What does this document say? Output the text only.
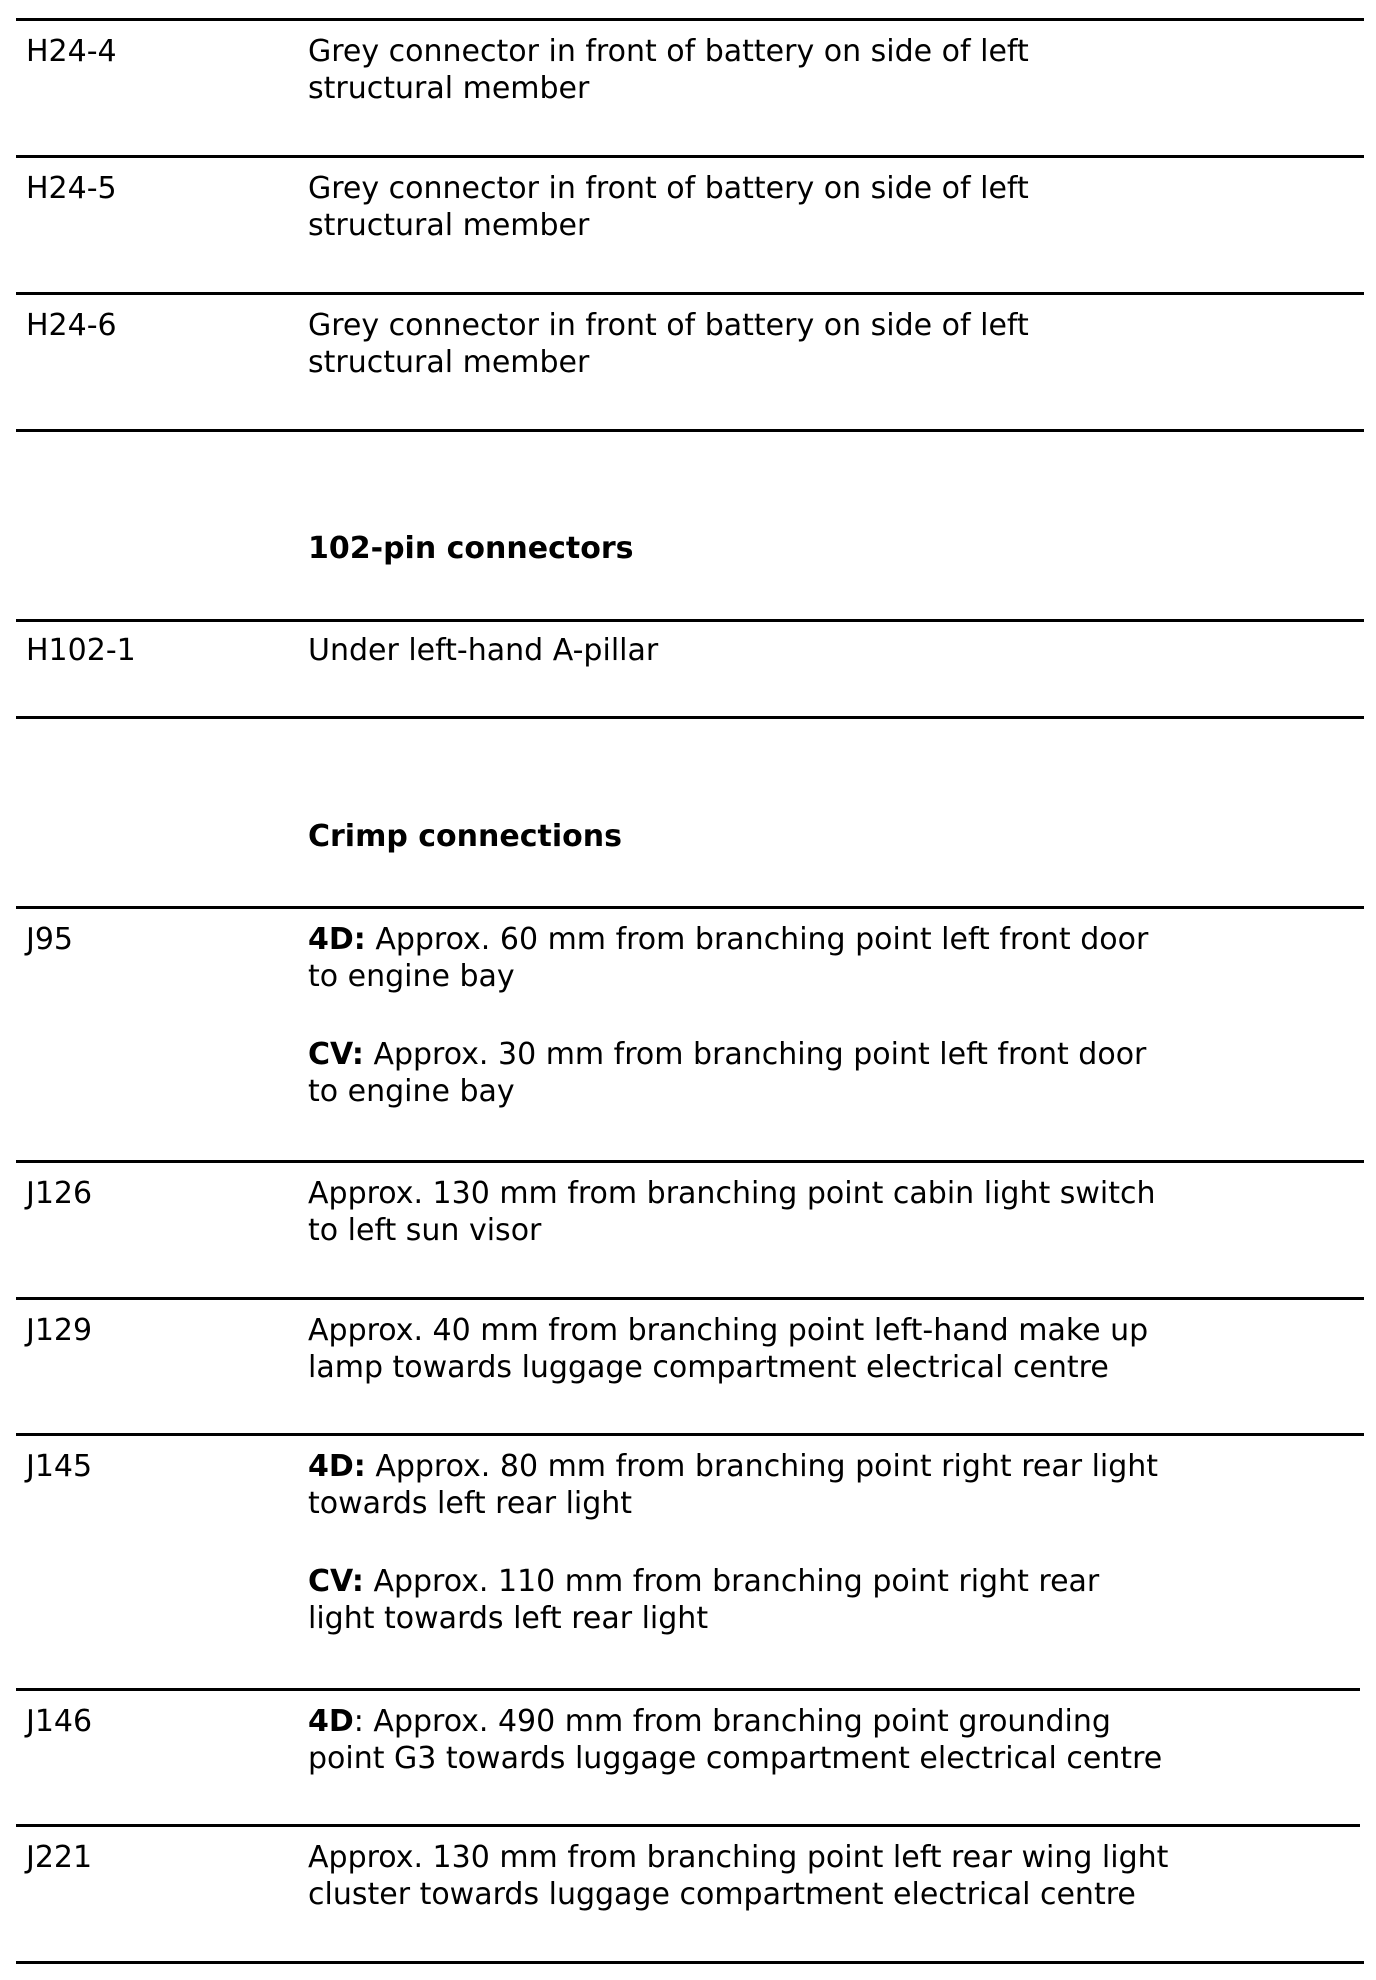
H24-4	Grey connector in front of battery on side of left
structural member
H24-5	Grey connector in front of battery on side of left
structural member
H24-6	Grey connector in front of battery on side of left
structural member
102-pin connectors
H102-1	Under left-hand A-pillar
Crimp connections
J95	4D: Approx. 60 mm from branching point left front door
to engine bay
CV: Approx. 30 mm from branching point left front door
to engine bay
J126	Approx. 130 mm from branching point cabin light switch
to left sun visor
J129	Approx. 40 mm from branching point left-hand make up
lamp towards luggage compartment electrical centre
J145	4D: Approx. 80 mm from branching point right rear light
towards left rear light
CV: Approx. 110 mm from branching point right rear
light towards left rear light
J146	4D: Approx. 490 mm from branching point grounding
point G3 towards luggage compartment electrical centre
J221	Approx. 130 mm from branching point left rear wing light
cluster towards luggage compartment electrical centre
